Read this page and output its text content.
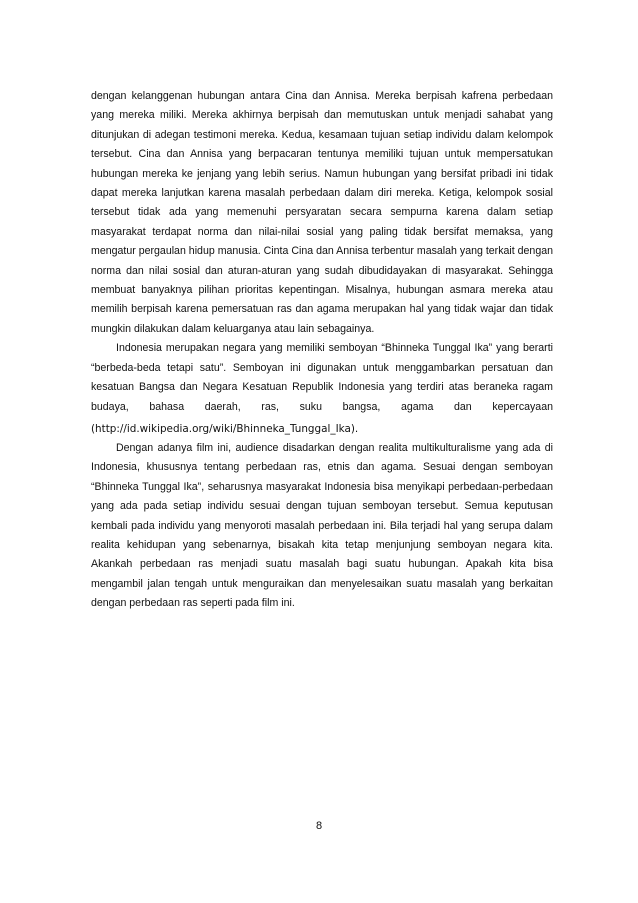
dengan kelanggenan hubungan antara Cina dan Annisa. Mereka berpisah kafrena perbedaan yang mereka miliki. Mereka akhirnya berpisah dan memutuskan untuk menjadi sahabat yang ditunjukan di adegan testimoni mereka. Kedua, kesamaan tujuan setiap individu dalam kelompok tersebut. Cina dan Annisa yang berpacaran tentunya memiliki tujuan untuk mempersatukan hubungan mereka ke jenjang yang lebih serius. Namun hubungan yang bersifat pribadi ini tidak dapat mereka lanjutkan karena masalah perbedaan dalam diri mereka. Ketiga, kelompok sosial tersebut tidak ada yang memenuhi persyaratan secara sempurna karena dalam setiap masyarakat terdapat norma dan nilai-nilai sosial yang paling tidak bersifat memaksa, yang mengatur pergaulan hidup manusia. Cinta Cina dan Annisa terbentur masalah yang terkait dengan norma dan nilai sosial dan aturan-aturan yang sudah dibudidayakan di masyarakat. Sehingga membuat banyaknya pilihan prioritas kepentingan. Misalnya, hubungan asmara mereka atau memilih berpisah karena pemersatuan ras dan agama merupakan hal yang tidak wajar dan tidak mungkin dilakukan dalam keluarganya atau lain sebagainya.

Indonesia merupakan negara yang memiliki semboyan “Bhinneka Tunggal Ika” yang berarti “berbeda-beda tetapi satu”. Semboyan ini digunakan untuk menggambarkan persatuan dan kesatuan Bangsa dan Negara Kesatuan Republik Indonesia yang terdiri atas beraneka ragam budaya, bahasa daerah, ras, suku bangsa, agama dan kepercayaan

(http://id.wikipedia.org/wiki/Bhinneka_Tunggal_Ika).

Dengan adanya film ini, audience disadarkan dengan realita multikulturalisme yang ada di Indonesia, khususnya tentang perbedaan ras, etnis dan agama. Sesuai dengan semboyan “Bhinneka Tunggal Ika”, seharusnya masyarakat Indonesia bisa menyikapi perbedaan-perbedaan yang ada pada setiap individu sesuai dengan tujuan semboyan tersebut. Semua keputusan kembali pada individu yang menyoroti masalah perbedaan ini. Bila terjadi hal yang serupa dalam realita kehidupan yang sebenarnya, bisakah kita tetap menjunjung semboyan negara kita. Akankah perbedaan ras menjadi suatu masalah bagi suatu hubungan. Apakah kita bisa mengambil jalan tengah untuk menguraikan dan menyelesaikan suatu masalah yang berkaitan dengan perbedaan ras seperti pada film ini.

8
